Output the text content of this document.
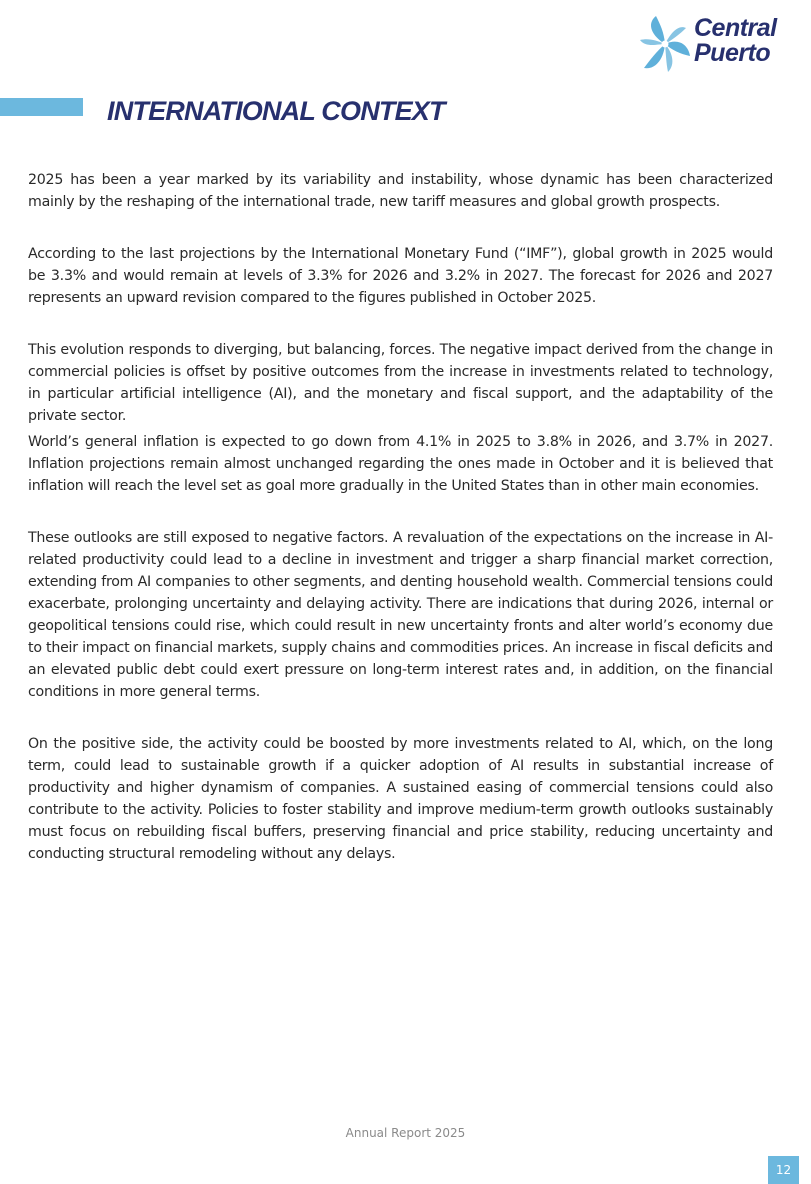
Central
Puerto
INTERNATIONAL CONTEXT

2025 has been a year marked by its variability and instability, whose dynamic has been characterized mainly by the reshaping of the international trade, new tariff measures and global growth prospects.

According to the last projections by the International Monetary Fund (“IMF”), global growth in 2025 would be 3.3% and would remain at levels of 3.3% for 2026 and 3.2% in 2027. The forecast for 2026 and 2027 represents an upward revision compared to the figures published in October 2025.

This evolution responds to diverging, but balancing, forces. The negative impact derived from the change in commercial policies is offset by positive outcomes from the increase in investments related to technology, in particular artificial intelligence (AI), and the monetary and fiscal support, and the adaptability of the private sector.

World’s general inflation is expected to go down from 4.1% in 2025 to 3.8% in 2026, and 3.7% in 2027. Inflation projections remain almost unchanged regarding the ones made in October and it is believed that inflation will reach the level set as goal more gradually in the United States than in other main economies.

These outlooks are still exposed to negative factors. A revaluation of the expectations on the increase in AI-related productivity could lead to a decline in investment and trigger a sharp financial market correction, extending from AI companies to other segments, and denting household wealth. Commercial tensions could exacerbate, prolonging uncertainty and delaying activity. There are indications that during 2026, internal or geopolitical tensions could rise, which could result in new uncertainty fronts and alter world’s economy due to their impact on financial markets, supply chains and commodities prices. An increase in fiscal deficits and an elevated public debt could exert pressure on long-term interest rates and, in addition, on the financial conditions in more general terms.

On the positive side, the activity could be boosted by more investments related to AI, which, on the long term, could lead to sustainable growth if a quicker adoption of AI results in substantial increase of productivity and higher dynamism of companies. A sustained easing of commercial tensions could also contribute to the activity. Policies to foster stability and improve medium-term growth outlooks sustainably must focus on rebuilding fiscal buffers, preserving financial and price stability, reducing uncertainty and conducting structural remodeling without any delays.

Annual Report 2025
12
